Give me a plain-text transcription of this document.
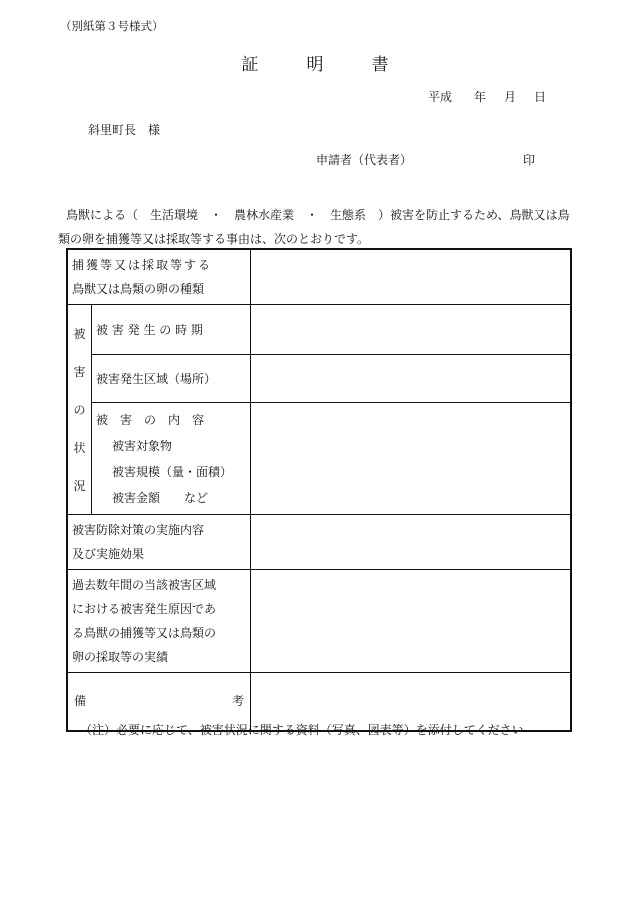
（別紙第３号様式）
証	明	書
平成 年 月 日
斜里町長　様
申請者（代表者）	印
鳥獣による（　生活環境　・　農林水産業　・　生態系　）被害を防止するため、鳥獣又は鳥類の卵を捕獲等又は採取等する事由は、次のとおりです。
捕獲等又は採取等する
鳥獣又は鳥類の卵の種類		

被
害
の
状
況	被 害 発 生 の 時 期	

	被害発生区域（場所）	

	被　害　の　内　容
被害対象物
被害規模（量・面積）
被害金額　　など	

被害防除対策の実施内容
及び実施効果		

過去数年間の当該被害区域
における被害発生原因であ
る鳥獣の捕獲等又は鳥類の
卵の採取等の実績		

備 考		

（注）必要に応じて、被害状況に関する資料（写真、図表等）を添付してください
